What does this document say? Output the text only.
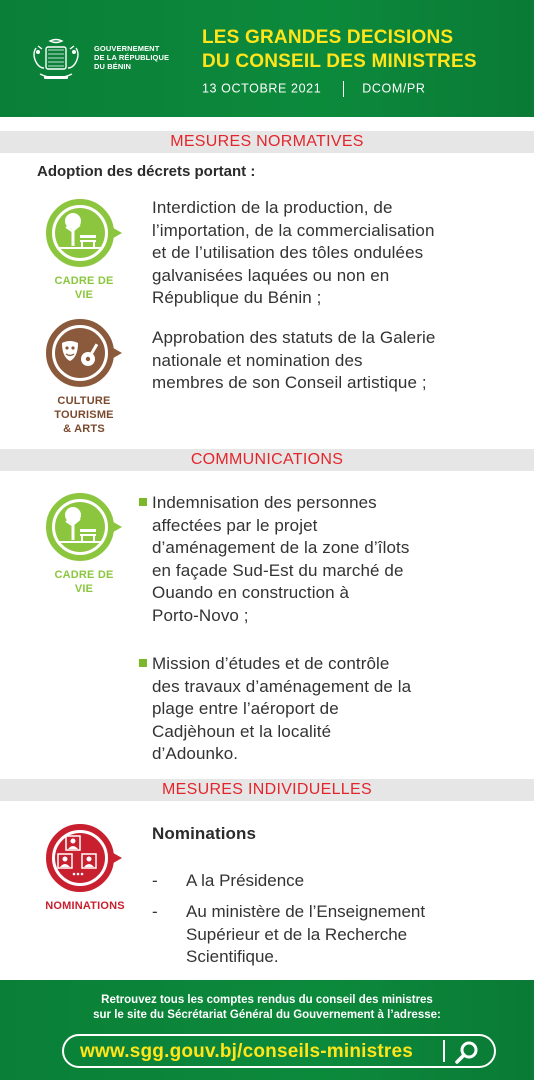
GOUVERNEMENT
DE LA RÉPUBLIQUE
DU BÉNIN
LES GRANDES DECISIONS
DU CONSEIL DES MINISTRES
13 OCTOBRE 2021	DCOM/PR
MESURES NORMATIVES
Adoption des décrets portant :
CADRE DE
VIE
Interdiction de la production, de
l’importation, de la commercialisation
et de l’utilisation des tôles ondulées
galvanisées laquées ou non en
République du Bénin ;
CULTURE
TOURISME
& ARTS
Approbation des statuts de la Galerie
nationale et nomination des
membres de son Conseil artistique ;
COMMUNICATIONS
CADRE DE
VIE
Indemnisation des personnes
affectées par le projet
d’aménagement de la zone d’îlots
en façade Sud-Est du marché de
Ouando en construction à
Porto-Novo ;
Mission d’études et de contrôle
des travaux d’aménagement de la
plage entre l’aéroport de
Cadjèhoun et la localité
d’Adounko.
MESURES INDIVIDUELLES
NOMINATIONS
Nominations
- A la Présidence
- Au ministère de l’Enseignement
Supérieur et de la Recherche
Scientifique.
Retrouvez tous les comptes rendus du conseil des ministres
sur le site du Sécrétariat Général du Gouvernement à l’adresse:
www.sgg.gouv.bj/conseils-ministres
